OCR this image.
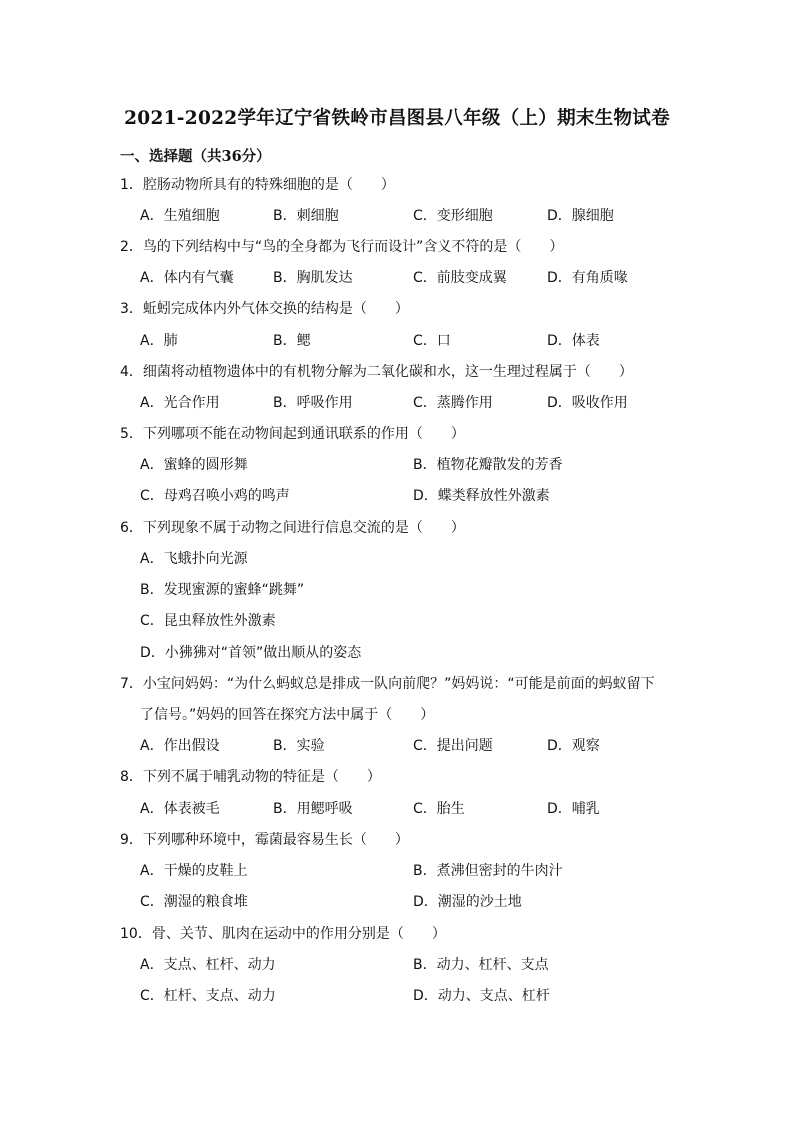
2021-2022学年辽宁省铁岭市昌图县八年级（上）期末生物试卷
一、选择题（共36分）
1．腔肠动物所具有的特殊细胞的是（　　）
A．生殖细胞	B．刺细胞	C．变形细胞	D．腺细胞
2．鸟的下列结构中与“鸟的全身都为飞行而设计”含义不符的是（　　）
A．体内有气囊	B．胸肌发达	C．前肢变成翼	D．有角质喙
3．蚯蚓完成体内外气体交换的结构是（　　）
A．肺	B．鳃	C．口	D．体表
4．细菌将动植物遗体中的有机物分解为二氧化碳和水，这一生理过程属于（　　）
A．光合作用	B．呼吸作用	C．蒸腾作用	D．吸收作用
5．下列哪项不能在动物间起到通讯联系的作用（　　）
A．蜜蜂的圆形舞	B．植物花瓣散发的芳香
C．母鸡召唤小鸡的鸣声	D．蝶类释放性外激素
6．下列现象不属于动物之间进行信息交流的是（　　）
A．飞蛾扑向光源
B．发现蜜源的蜜蜂“跳舞”
C．昆虫释放性外激素
D．小狒狒对“首领”做出顺从的姿态
7．小宝问妈妈：“为什么蚂蚁总是排成一队向前爬？”妈妈说：“可能是前面的蚂蚁留下
了信号。”妈妈的回答在探究方法中属于（　　）
A．作出假设	B．实验	C．提出问题	D．观察
8．下列不属于哺乳动物的特征是（　　）
A．体表被毛	B．用鳃呼吸	C．胎生	D．哺乳
9．下列哪种环境中，霉菌最容易生长（　　）
A．干燥的皮鞋上	B．煮沸但密封的牛肉汁
C．潮湿的粮食堆	D．潮湿的沙土地
10．骨、关节、肌肉在运动中的作用分别是（　　）
A．支点、杠杆、动力	B．动力、杠杆、支点
C．杠杆、支点、动力	D．动力、支点、杠杆
